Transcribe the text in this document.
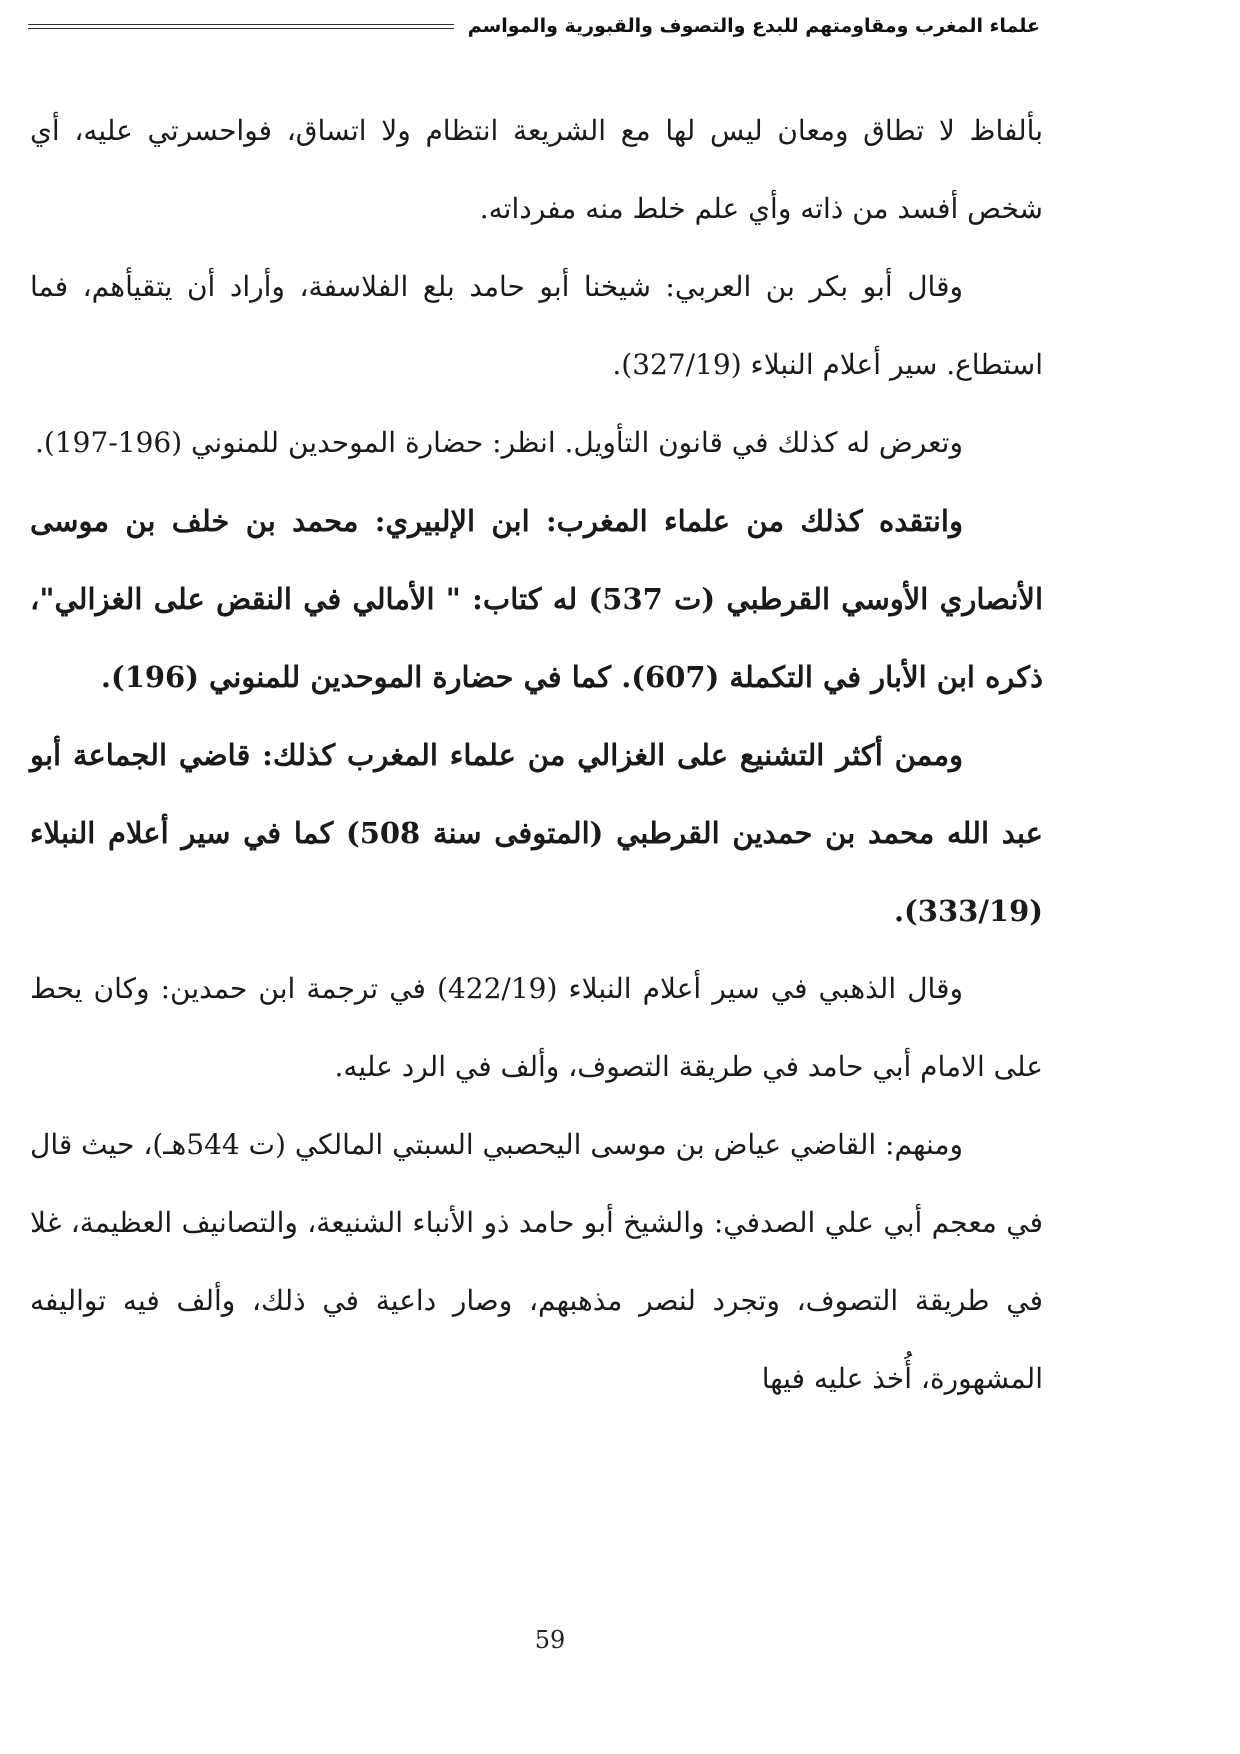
علماء المغرب ومقاومتهم للبدع والتصوف والقبورية والمواسم

بألفاظ لا تطاق ومعان ليس لها مع الشريعة انتظام ولا اتساق، فواحسرتي عليه، أي شخص أفسد من ذاته وأي علم خلط منه مفرداته.

وقال أبو بكر بن العربي: شيخنا أبو حامد بلع الفلاسفة، وأراد أن يتقيأهم، فما استطاع. سير أعلام النبلاء (327/19).

وتعرض له كذلك في قانون التأويل. انظر: حضارة الموحدين للمنوني (196-197).

وانتقده كذلك من علماء المغرب: ابن الإلبيري: محمد بن خلف بن موسى الأنصاري الأوسي القرطبي (ت 537) له كتاب: " الأمالي في النقض على الغزالي"، ذكره ابن الأبار في التكملة (607). كما في حضارة الموحدين للمنوني (196).

وممن أكثر التشنيع على الغزالي من علماء المغرب كذلك: قاضي الجماعة أبو عبد الله محمد بن حمدين القرطبي (المتوفى سنة 508) كما في سير أعلام النبلاء (333/19).

وقال الذهبي في سير أعلام النبلاء (422/19) في ترجمة ابن حمدين: وكان يحط على الامام أبي حامد في طريقة التصوف، وألف في الرد عليه.

ومنهم: القاضي عياض بن موسى اليحصبي السبتي المالكي (ت 544هـ)، حيث قال في معجم أبي علي الصدفي: والشيخ أبو حامد ذو الأنباء الشنيعة، والتصانيف العظيمة، غلا في طريقة التصوف، وتجرد لنصر مذهبهم، وصار داعية في ذلك، وألف فيه تواليفه المشهورة، أُخذ عليه فيها

59
